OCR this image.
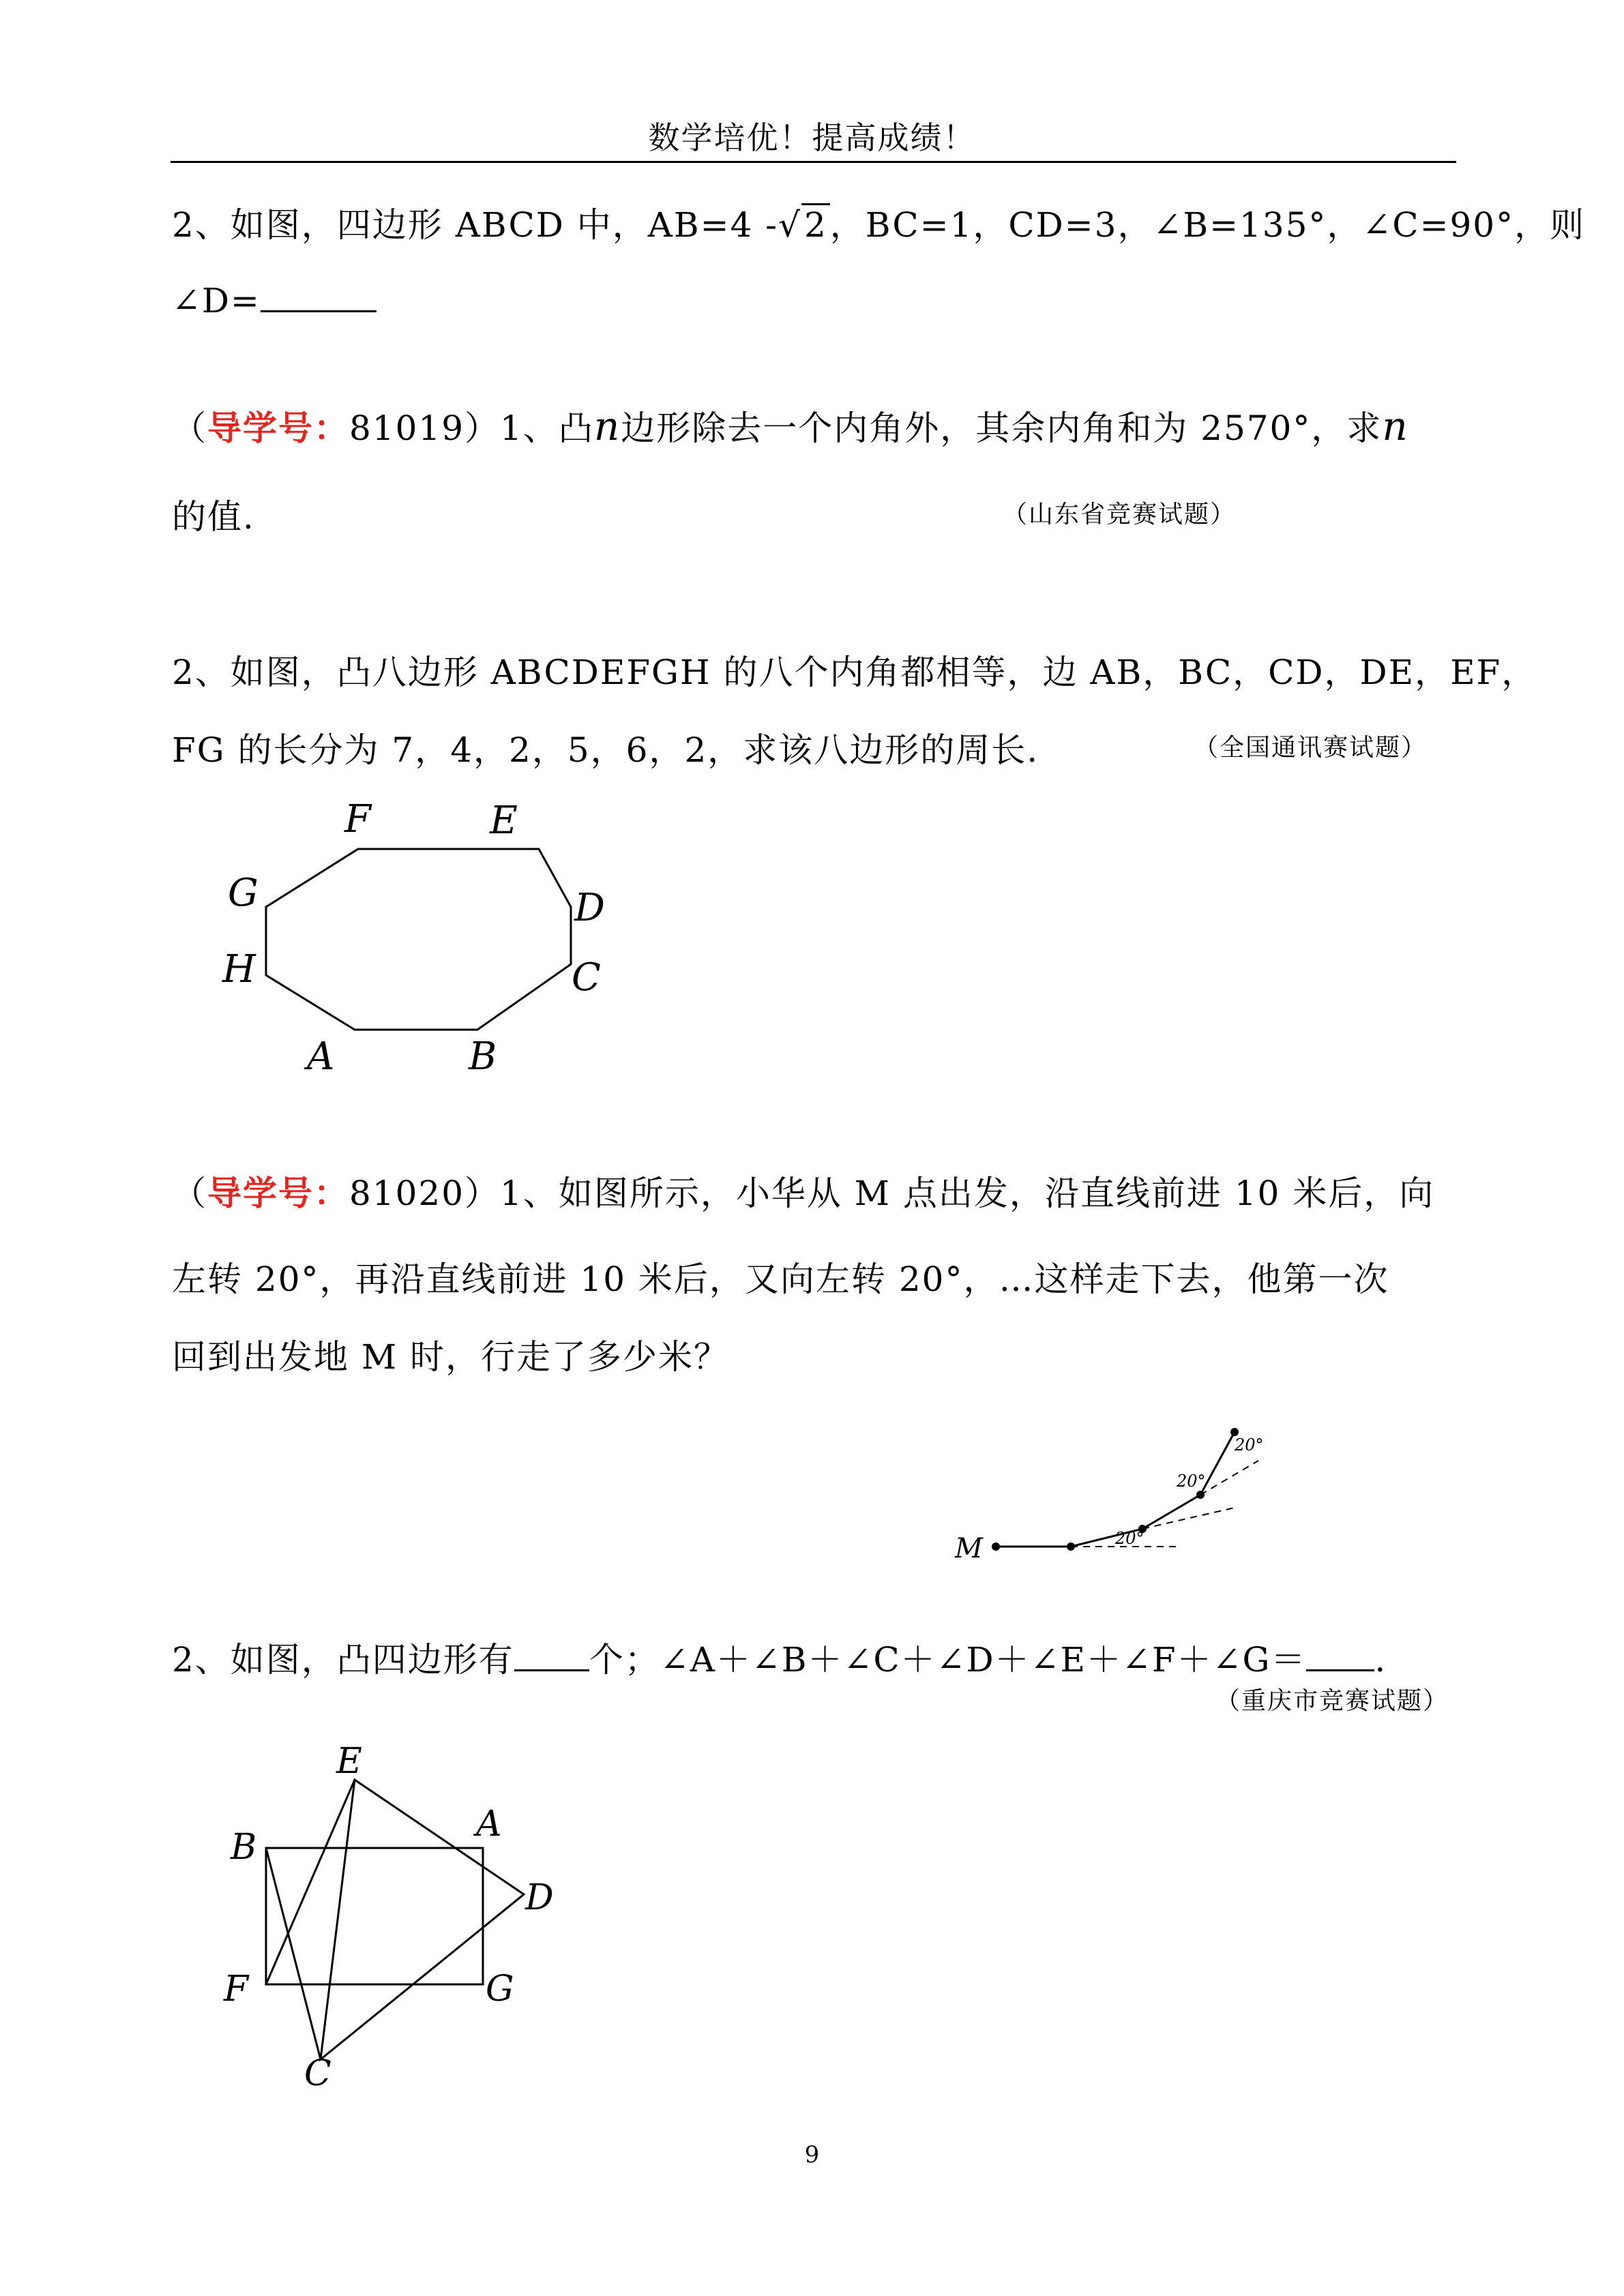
数学培优！提高成绩！
2、如图，四边形 ABCD 中，AB=4 -√2，BC=1，CD=3，∠B=135°，∠C=90°，则
∠D=
（导学号：81019）1、凸n边形除去一个内角外，其余内角和为 2570°，求n
的值.	（山东省竞赛试题）
2、如图，凸八边形 ABCDEFGH 的八个内角都相等，边 AB，BC，CD，DE，EF，
FG 的长分为 7，4，2，5，6，2，求该八边形的周长.	（全国通讯赛试题）
A	B
C
D
E
F
G
H
（导学号：81020）1、如图所示，小华从 M 点出发，沿直线前进 10 米后，向
左转 20°，再沿直线前进 10 米后，又向左转 20°，…这样走下去，他第一次
回到出发地 M 时，行走了多少米？
M	20°
20°
20°
2、如图，凸四边形有 个；∠A＋∠B＋∠C＋∠D＋∠E＋∠F＋∠G＝ .
（重庆市竞赛试题）
E
B
A
D
F	G
C
9
